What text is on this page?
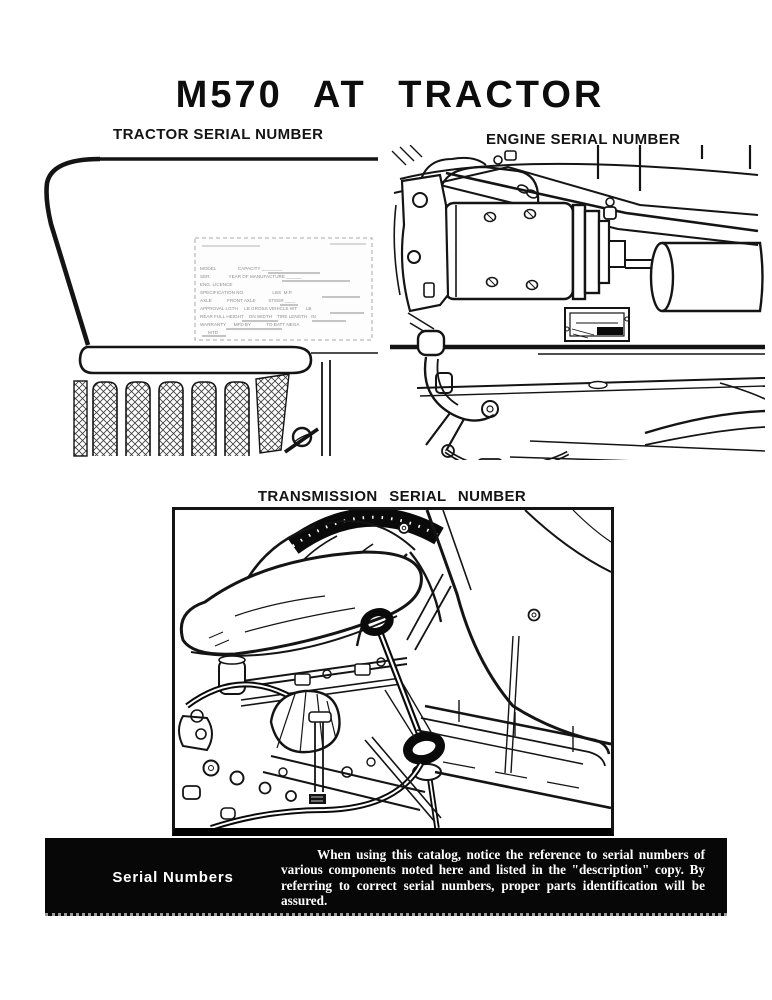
M570 AT TRACTOR
TRACTOR SERIAL NUMBER	ENGINE SERIAL NUMBER
MODEL                 CAPACITY ________
SER.              YEAR OF MANUFACTURE ______
ENG. LICENCE
SPECIFICATION NO.                      LBS  M.P.
AXLE            FRONT AXLE          STEER ____
APPROVAL LGTH     LB GROSS VEHICLE WT       LB
REAR FULL HEIGHT    ON WIDTH    TIRE LENGTH   IN
WARRANTY      MFD BY            TO BATT NEGA
MTD
TRANSMISSION SERIAL NUMBER
Serial Numbers
When using this catalog, notice the reference to serial numbers of various components noted here and listed in the "description" copy. By referring to correct serial numbers, proper parts identification will be assured.
